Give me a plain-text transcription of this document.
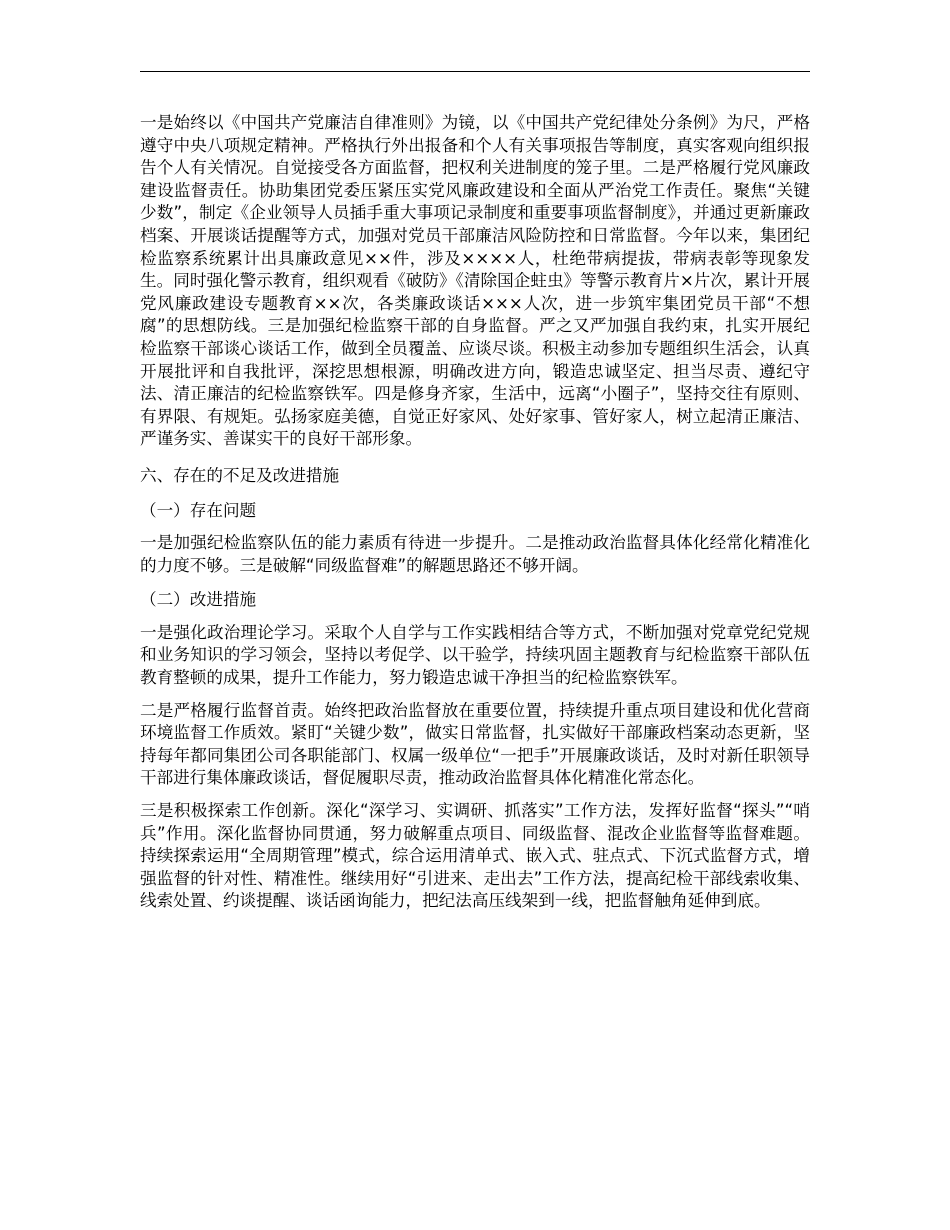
一是始终以《中国共产党廉洁自律准则》为镜，以《中国共产党纪律处分条例》为尺，严格遵守中央八项规定精神。严格执行外出报备和个人有关事项报告等制度，真实客观向组织报告个人有关情况。自觉接受各方面监督，把权利关进制度的笼子里。二是严格履行党风廉政建设监督责任。协助集团党委压紧压实党风廉政建设和全面从严治党工作责任。聚焦“关键少数”，制定《企业领导人员插手重大事项记录制度和重要事项监督制度》，并通过更新廉政档案、开展谈话提醒等方式，加强对党员干部廉洁风险防控和日常监督。今年以来，集团纪检监察系统累计出具廉政意见××件，涉及××××人，杜绝带病提拔，带病表彰等现象发生。同时强化警示教育，组织观看《破防》《清除国企蛀虫》等警示教育片×片次，累计开展党风廉政建设专题教育××次，各类廉政谈话×××人次，进一步筑牢集团党员干部“不想腐”的思想防线。三是加强纪检监察干部的自身监督。严之又严加强自我约束，扎实开展纪检监察干部谈心谈话工作，做到全员覆盖、应谈尽谈。积极主动参加专题组织生活会，认真开展批评和自我批评，深挖思想根源，明确改进方向，锻造忠诚坚定、担当尽责、遵纪守法、清正廉洁的纪检监察铁军。四是修身齐家，生活中，远离“小圈子”，坚持交往有原则、有界限、有规矩。弘扬家庭美德，自觉正好家风、处好家事、管好家人，树立起清正廉洁、严谨务实、善谋实干的良好干部形象。

六、存在的不足及改进措施

（一）存在问题

一是加强纪检监察队伍的能力素质有待进一步提升。二是推动政治监督具体化经常化精准化的力度不够。三是破解“同级监督难”的解题思路还不够开阔。

（二）改进措施

一是强化政治理论学习。采取个人自学与工作实践相结合等方式，不断加强对党章党纪党规和业务知识的学习领会，坚持以考促学、以干验学，持续巩固主题教育与纪检监察干部队伍教育整顿的成果，提升工作能力，努力锻造忠诚干净担当的纪检监察铁军。

二是严格履行监督首责。始终把政治监督放在重要位置，持续提升重点项目建设和优化营商环境监督工作质效。紧盯“关键少数”，做实日常监督，扎实做好干部廉政档案动态更新，坚持每年都同集团公司各职能部门、权属一级单位“一把手”开展廉政谈话，及时对新任职领导干部进行集体廉政谈话，督促履职尽责，推动政治监督具体化精准化常态化。

三是积极探索工作创新。深化“深学习、实调研、抓落实”工作方法，发挥好监督“探头”“哨兵”作用。深化监督协同贯通，努力破解重点项目、同级监督、混改企业监督等监督难题。持续探索运用“全周期管理”模式，综合运用清单式、嵌入式、驻点式、下沉式监督方式，增强监督的针对性、精准性。继续用好“引进来、走出去”工作方法，提高纪检干部线索收集、线索处置、约谈提醒、谈话函询能力，把纪法高压线架到一线，把监督触角延伸到底。
